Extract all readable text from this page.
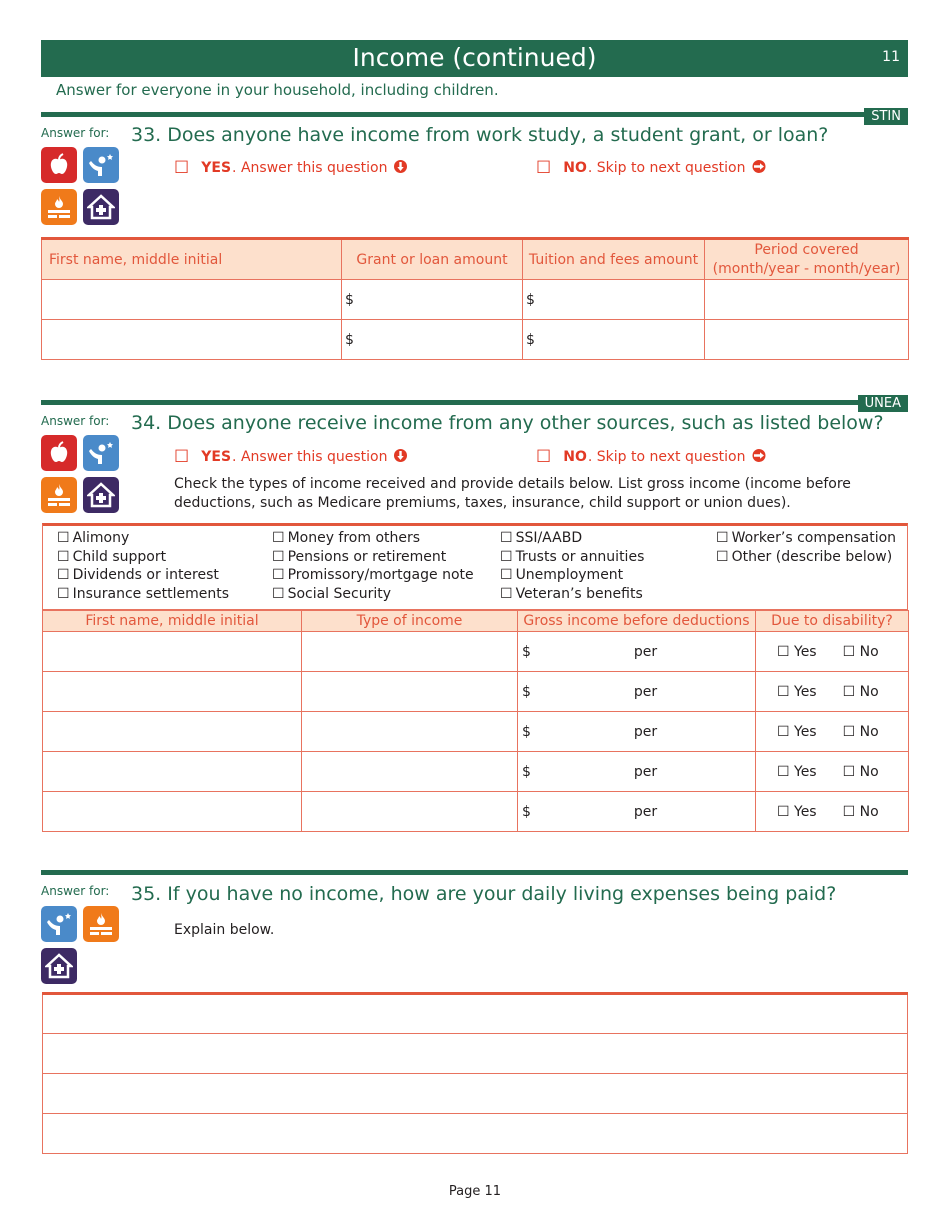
Income (continued)	11
Answer for everyone in your household, including children.
STIN
Answer for: 33. Does anyone have income from work study, a student grant, or loan?
☐ YES . Answer this question	☐ NO . Skip to next question
First name, middle initial	Grant or loan amount	Tuition and fees amount	Period covered
(month/year - month/year)

	$	$	
	$	$	
UNEA
Answer for: 34. Does anyone receive income from any other sources, such as listed below?
☐ YES . Answer this question	☐ NO . Skip to next question
Check the types of income received and provide details below. List gross income (income before
deductions, such as Medicare premiums, taxes, insurance, child support or union dues).
☐ Alimony
☐ Child support
☐ Dividends or interest
☐ Insurance settlements
☐ Money from others
☐ Pensions or retirement
☐ Promissory/mortgage note
☐ Social Security
☐ SSI/AABD
☐ Trusts or annuities
☐ Unemployment
☐ Veteran’s benefits
☐ Worker’s compensation
☐ Other (describe below)
First name, middle initial	Type of income	Gross income before deductions	Due to disability?
		$ per	☐ Yes ☐ No
		$ per	☐ Yes ☐ No
		$ per	☐ Yes ☐ No
		$ per	☐ Yes ☐ No
		$ per	☐ Yes ☐ No
Answer for: 35. If you have no income, how are your daily living expenses being paid?
Explain below.

Page 11
